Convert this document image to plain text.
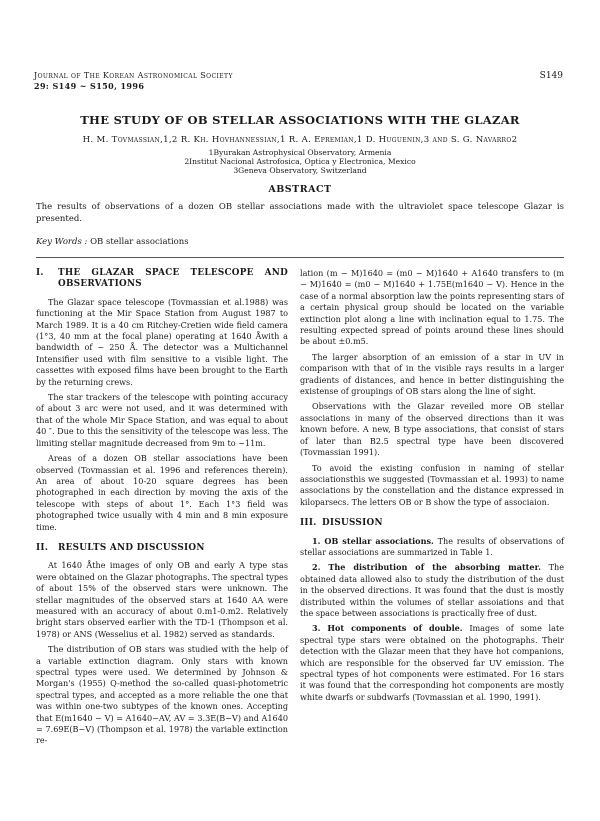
Journal of The Korean Astronomical Society
29: S149 ~ S150, 1996
S149
THE STUDY OF OB STELLAR ASSOCIATIONS WITH THE GLAZAR
H. M. Tovmassian,1,2 R. Kh. Hovhannessian,1 R. A. Epremian,1 D. Huguenin,3 and S. G. Navarro2
1Byurakan Astrophysical Observatory, Armenia
2Institut Nacional Astrofosica, Optica y Electronica, Mexico
3Geneva Observatory, Switzerland
ABSTRACT
The results of observations of a dozen OB stellar associations made with the ultraviolet space telescope Glazar is presented.
Key Words : OB stellar associations
I.	THE GLAZAR SPACE TELESCOPE AND OBSERVATIONS

The Glazar space telescope (Tovmassian et al.1988) was functioning at the Mir Space Station from August 1987 to March 1989. It is a 40 cm Ritchey-Cretien wide field camera (1°3, 40 mm at the focal plane) operating at 1640 Åwith a bandwidth of ~ 250 Å. The detector was a Multichannel Intensifier used with film sensitive to a visible light. The cassettes with exposed films have been brought to the Earth by the returning crews.

The star trackers of the telescope with pointing accuracy of about 3 arc were not used, and it was determined with that of the whole Mir Space Station, and was equal to about 40 ″. Due to this the sensitivity of the telescope was less. The limiting stellar magnitude decreased from 9m to ~11m.

Areas of a dozen OB stellar associations have been observed (Tovmassian et al. 1996 and references therein). An area of about 10-20 square degrees has been photographed in each direction by moving the axis of the telescope with steps of about 1°. Each 1°3 field was photographed twice usually with 4 min and 8 min exposure time.

II.	RESULTS AND DISCUSSION

At 1640 Åthe images of only OB and early A type stas were obtained on the Glazar photographs. The spectral types of about 15% of the observed stars were unknown. The stellar magnitudes of the observed stars at 1640 AA were measured with an accuracy of about 0.m1-0.m2. Relatively bright stars observed earlier with the TD-1 (Thompson et al. 1978) or ANS (Wesselius et al. 1982) served as standards.

The distribution of OB stars was studied with the help of a variable extinction diagram. Only stars with known spectral types were used. We determined by Johnson & Morgan's (1955) Q-method the so-called quasi-photometric spectral types, and accepted as a more reliable the one that was within one-two subtypes of the known ones. Accepting that E(m1640 − V) = A1640−AV, AV = 3.3E(B−V) and A1640 = 7.69E(B−V) (Thompson et al. 1978) the variable extinction re-

lation (m − M)1640 = (m0 − M)1640 + A1640 transfers to (m − M)1640 = (m0 − M)1640 + 1.75E(m1640 − V). Hence in the case of a normal absorption law the points representing stars of a certain physical group should be located on the variable extinction plot along a line with inclination equal to 1.75. The resulting expected spread of points around these lines should be about ±0.m5.

The larger absorption of an emission of a star in UV in comparison with that of in the visible rays results in a larger gradients of distances, and hence in better distinguishing the existense of groupings of OB stars along the line of sight.

Observations with the Glazar reveiled more OB stellar associations in many of the observed directions than it was known before. A new, B type associations, that consist of stars of later than B2.5 spectral type have been discovered (Tovmassian 1991).

To avoid the existing confusion in naming of stellar associationsthis we suggested (Tovmassian et al. 1993) to name associations by the constellation and the distance expressed in kiloparsecs. The letters OB or B show the type of associaion.

III. DISUSSION

1. OB stellar associations. The results of observations of stellar associations are summarized in Table 1.

2. The distribution of the absorbing matter. The obtained data allowed also to study the distribution of the dust in the observed directions. It was found that the dust is mostly distributed within the volumes of stellar assoiations and that the space between associations is practically free of dust.

3. Hot components of double. Images of some late spectral type stars were obtained on the photographs. Their detection with the Glazar meen that they have hot companions, which are responsible for the observed far UV emission. The spectral types of hot components were estimated. For 16 stars it was found that the corresponding hot components are mostly white dwarfs or subdwarfs (Tovmassian et al. 1990, 1991).
